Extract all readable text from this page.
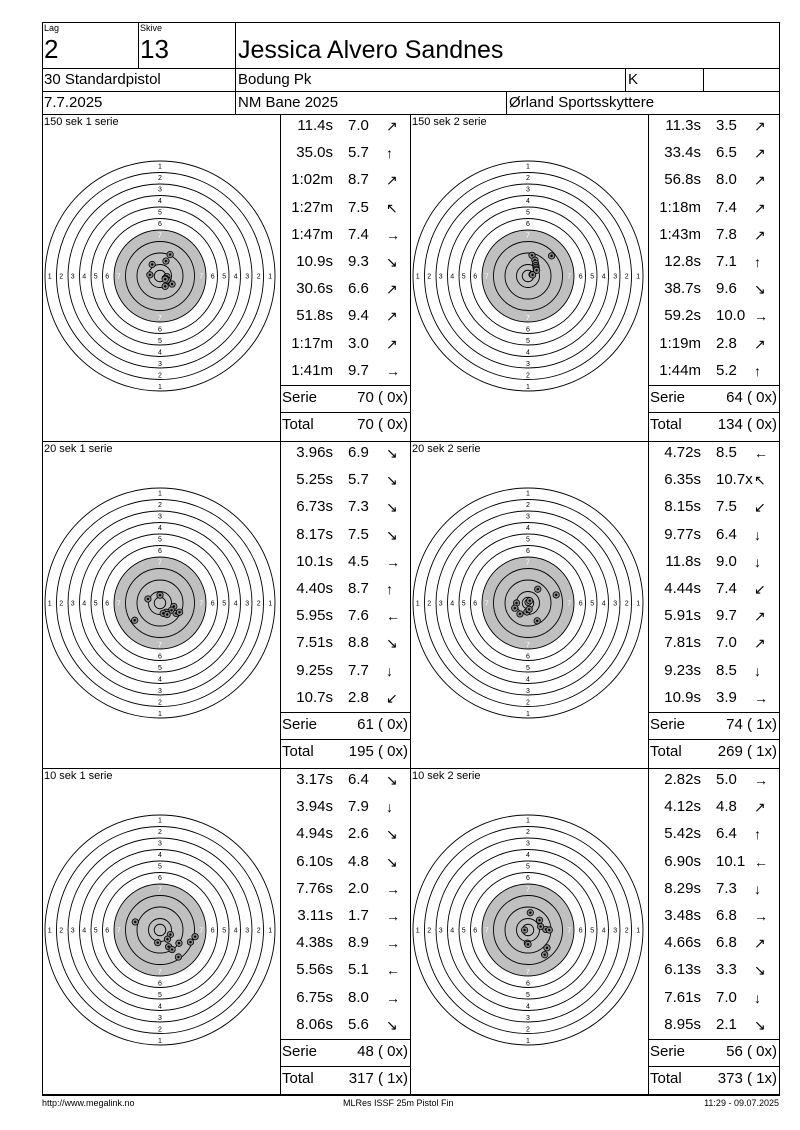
Lag
2
Skive
13	Jessica Alvero Sandnes
30 Standardpistol	Bodung Pk	K
7.7.2025	NM Bane 2025	Ørland Sportsskyttere
150 sek 1 serie
1
1
1	1
2
2
2	2
3
3
3	3
4
4
4	4
5
5
5	5
6
6
6	6
7
7
7	7
11.4s 7.0 ↗
35.0s 5.7 ↑
1:02m 8.7 ↗
1:27m 7.5 ↖
1:47m 7.4 →
10.9s 9.3 ↘
30.6s 6.6 ↗
51.8s 9.4 ↗
1:17m 3.0 ↗
1:41m 9.7 →
Serie	70 ( 0x)
Total	70 ( 0x)
150 sek 2 serie
1
1
1	1
2
2
2	2
3
3
3	3
4
4
4	4
5
5
5	5
6
6
6	6
7
7
7	7
11.3s 3.5 ↗
33.4s 6.5 ↗
56.8s 8.0 ↗
1:18m 7.4 ↗
1:43m 7.8 ↗
12.8s 7.1 ↑
38.7s 9.6 ↘
59.2s 10.0 →
1:19m 2.8 ↗
1:44m 5.2 ↑
Serie	64 ( 0x)
Total	134 ( 0x)
20 sek 1 serie
1
1
1	1
2
2
2	2
3
3
3	3
4
4
4	4
5
5
5	5
6
6
6	6
7
7
7	7
3.96s 6.9 ↘
5.25s 5.7 ↘
6.73s 7.3 ↘
8.17s 7.5 ↘
10.1s 4.5 →
4.40s 8.7 ↑
5.95s 7.6 ←
7.51s 8.8 ↘
9.25s 7.7 ↓
10.7s 2.8 ↙
Serie	61 ( 0x)
Total	195 ( 0x)
20 sek 2 serie
1
1
1	1
2
2
2	2
3
3
3	3
4
4
4	4
5
5
5	5
6
6
6	6
7
7
7	7
4.72s 8.5 ←
6.35s 10.7x ↖
8.15s 7.5 ↙
9.77s 6.4 ↓
11.8s 9.0 ↓
4.44s 7.4 ↙
5.91s 9.7 ↗
7.81s 7.0 ↗
9.23s 8.5 ↓
10.9s 3.9 →
Serie	74 ( 1x)
Total	269 ( 1x)
10 sek 1 serie
1
1
1	1
2
2
2	2
3
3
3	3
4
4
4	4
5
5
5	5
6
6
6	6
7
7
7	7
3.17s 6.4 ↘
3.94s 7.9 ↓
4.94s 2.6 ↘
6.10s 4.8 ↘
7.76s 2.0 →
3.11s 1.7 →
4.38s 8.9 →
5.56s 5.1 ←
6.75s 8.0 →
8.06s 5.6 ↘
Serie	48 ( 0x)
Total	317 ( 1x)
10 sek 2 serie
1
1
1	1
2
2
2	2
3
3
3	3
4
4
4	4
5
5
5	5
6
6
6	6
7
7
7	7
2.82s 5.0 →
4.12s 4.8 ↗
5.42s 6.4 ↑
6.90s 10.1 ←
8.29s 7.3 ↓
3.48s 6.8 →
4.66s 6.8 ↗
6.13s 3.3 ↘
7.61s 7.0 ↓
8.95s 2.1 ↘
Serie	56 ( 0x)
Total	373 ( 1x)
http://www.megalink.no	MLRes ISSF 25m Pistol Fin	11:29 - 09.07.2025
